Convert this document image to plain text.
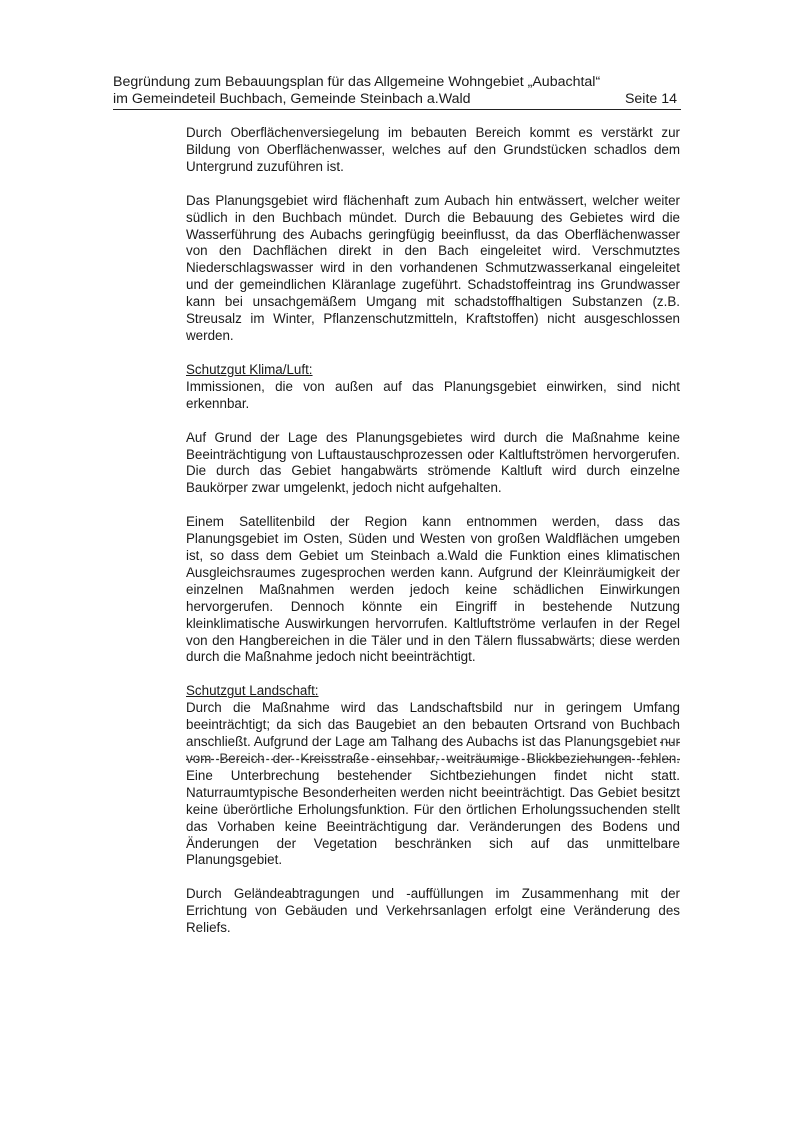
Begründung zum Bebauungsplan für das Allgemeine Wohngebiet „Aubachtal“
im Gemeindeteil Buchbach, Gemeinde Steinbach a.Wald	Seite 14

Durch Oberflächenversiegelung im bebauten Bereich kommt es verstärkt zur Bildung von Oberflächenwasser, welches auf den Grundstücken schadlos dem Untergrund zuzuführen ist.

Das Planungsgebiet wird flächenhaft zum Aubach hin entwässert, welcher weiter südlich in den Buchbach mündet. Durch die Bebauung des Gebietes wird die Wasserführung des Aubachs geringfügig beeinflusst, da das Oberflächenwasser von den Dachflächen direkt in den Bach eingeleitet wird. Verschmutztes Niederschlagswasser wird in den vorhandenen Schmutzwasserkanal eingeleitet und der gemeindlichen Kläranlage zugeführt. Schadstoffeintrag ins Grundwasser kann bei unsachgemäßem Umgang mit schadstoffhaltigen Substanzen (z.B. Streusalz im Winter, Pflanzenschutzmitteln, Kraftstoffen) nicht ausgeschlossen werden.

Schutzgut Klima/Luft:

Immissionen, die von außen auf das Planungsgebiet einwirken, sind nicht erkennbar.

Auf Grund der Lage des Planungsgebietes wird durch die Maßnahme keine Beeinträchtigung von Luftaustauschprozessen oder Kaltluftströmen hervorgerufen. Die durch das Gebiet hangabwärts strömende Kaltluft wird durch einzelne Baukörper zwar umgelenkt, jedoch nicht aufgehalten.

Einem Satellitenbild der Region kann entnommen werden, dass das Planungsgebiet im Osten, Süden und Westen von großen Waldflächen umgeben ist, so dass dem Gebiet um Steinbach a.Wald die Funktion eines klimatischen Ausgleichsraumes zugesprochen werden kann. Aufgrund der Kleinräumigkeit der einzelnen Maßnahmen werden jedoch keine schädlichen Einwirkungen hervorgerufen. Dennoch könnte ein Eingriff in bestehende Nutzung kleinklimatische Auswirkungen hervorrufen. Kaltluftströme verlaufen in der Regel von den Hangbereichen in die Täler und in den Tälern flussabwärts; diese werden durch die Maßnahme jedoch nicht beeinträchtigt.

Schutzgut Landschaft:

Durch die Maßnahme wird das Landschaftsbild nur in geringem Umfang beeinträchtigt; da sich das Baugebiet an den bebauten Ortsrand von Buchbach anschließt. Aufgrund der Lage am Talhang des Aubachs ist das Planungsgebiet nur vom Bereich der Kreisstraße einsehbar, weiträumige Blickbeziehungen fehlen. Eine Unterbrechung bestehender Sichtbeziehungen findet nicht statt. Naturraumtypische Besonderheiten werden nicht beeinträchtigt. Das Gebiet besitzt keine überörtliche Erholungsfunktion. Für den örtlichen Erholungssuchenden stellt das Vorhaben keine Beeinträchtigung dar. Veränderungen des Bodens und Änderungen der Vegetation beschränken sich auf das unmittelbare Planungsgebiet.

Durch Geländeabtragungen und -auffüllungen im Zusammenhang mit der Errichtung von Gebäuden und Verkehrsanlagen erfolgt eine Veränderung des Reliefs.
